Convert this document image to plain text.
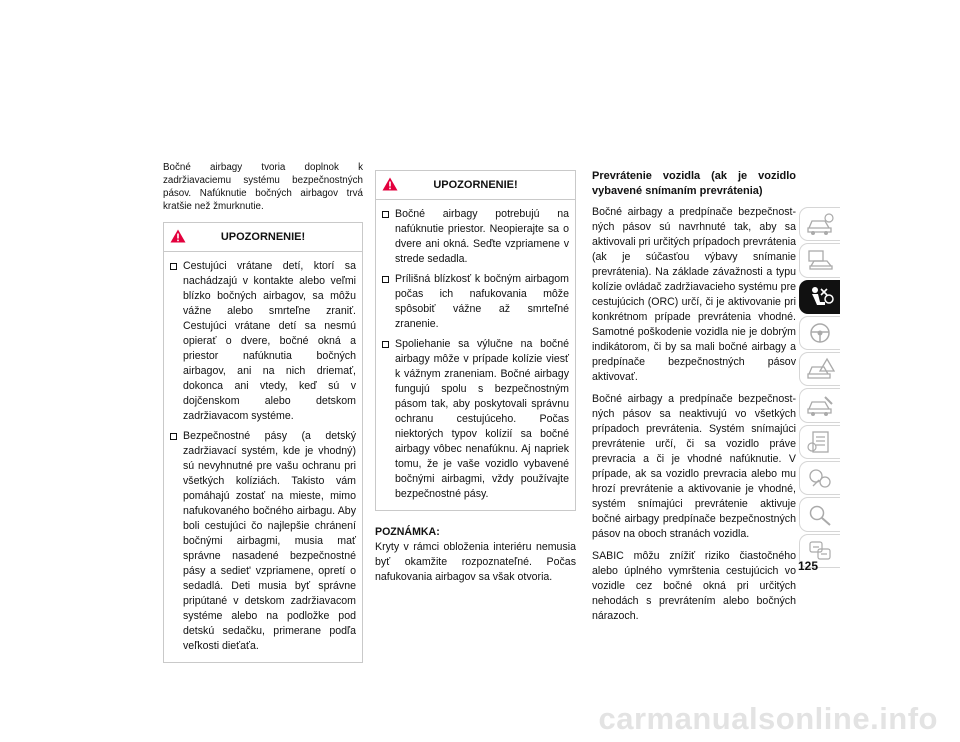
Bočné airbagy tvoria doplnok k zadržiavaciemu systému bezpečnostných pásov. Nafúknutie bočných airbagov trvá kratšie než žmurknutie.

UPOZORNENIE!
Cestujúci vrátane detí, ktorí sa nachádzajú v kontakte alebo veľmi blízko bočných airbagov, sa môžu vážne alebo smrteľne zraniť. Cestujúci vrátane detí sa nesmú opierať o dvere, bočné okná a priestor nafúknutia bočných airbagov, ani na nich driemať, dokonca ani vtedy, keď sú v dojčenskom alebo detskom zadržiavacom systéme.
Bezpečnostné pásy (a detský zadržiavací systém, kde je vhodný) sú nevyhnutné pre vašu ochranu pri všetkých kolíziách. Takisto vám pomáhajú zostať na mieste, mimo nafukovaného bočného airbagu. Aby boli cestujúci čo najlepšie chránení bočnými airbagmi, musia mať správne nasadené bezpečnostné pásy a sediet' vzpriamene, opretí o sedadlá. Deti musia byť správne pripútané v detskom zadržiavacom systéme alebo na podložke pod detskú sedačku, primerane podľa veľkosti dieťaťa.
UPOZORNENIE!
Bočné airbagy potrebujú na nafúknutie priestor. Neopierajte sa o dvere ani okná. Seďte vzpriamene v strede sedadla.
Prílišná blízkosť k bočným airbagom počas ich nafukovania môže spôsobiť vážne až smrteľné zranenie.
Spoliehanie sa výlučne na bočné airbagy môže v prípade kolízie viesť k vážnym zraneniam. Bočné airbagy fungujú spolu s bezpečnostným pásom tak, aby poskytovali správnu ochranu cestujúceho. Počas niektorých typov kolízií sa bočné airbagy vôbec nenafúknu. Aj napriek tomu, že je vaše vozidlo vybavené bočnými airbagmi, vždy používajte bezpečnostné pásy.

POZNÁMKA:

Kryty v rámci obloženia interiéru nemusia byť okamžite rozpoznateľné. Počas nafukovania airbagov sa však otvoria.

Prevrátenie vozidla (ak je vozidlo vybavené snímaním prevrátenia)

Bočné airbagy a predpínače bezpečnostných pásov sú navrhnuté tak, aby sa aktivovali pri určitých prípadoch prevrátenia (ak je súčasťou výbavy snímanie prevrátenia). Na základe závažnosti a typu kolízie ovládač zadržiavacieho systému pre cestujúcich (ORC) určí, či je aktivovanie pri konkrétnom prípade prevrátenia vhodné. Samotné poškodenie vozidla nie je dobrým indikátorom, či by sa mali bočné airbagy a predpínače bezpečnostných pásov aktivovať.

Bočné airbagy a predpínače bezpečnostných pásov sa neaktivujú vo všetkých prípadoch prevrátenia. Systém snímajúci prevrátenie určí, či sa vozidlo práve prevracia a či je vhodné nafúknutie. V prípade, ak sa vozidlo prevracia alebo mu hrozí prevrátenie a aktivovanie je vhodné, systém snímajúci prevrátenie aktivuje bočné airbagy predpínače bezpečnostných pásov na oboch stranách vozidla.

SABIC môžu znížiť riziko čiastočného alebo úplného vymrštenia cestujúcich vo vozidle cez bočné okná pri určitých nehodách s prevrátením alebo bočných nárazoch.

125
carmanualsonline.info
